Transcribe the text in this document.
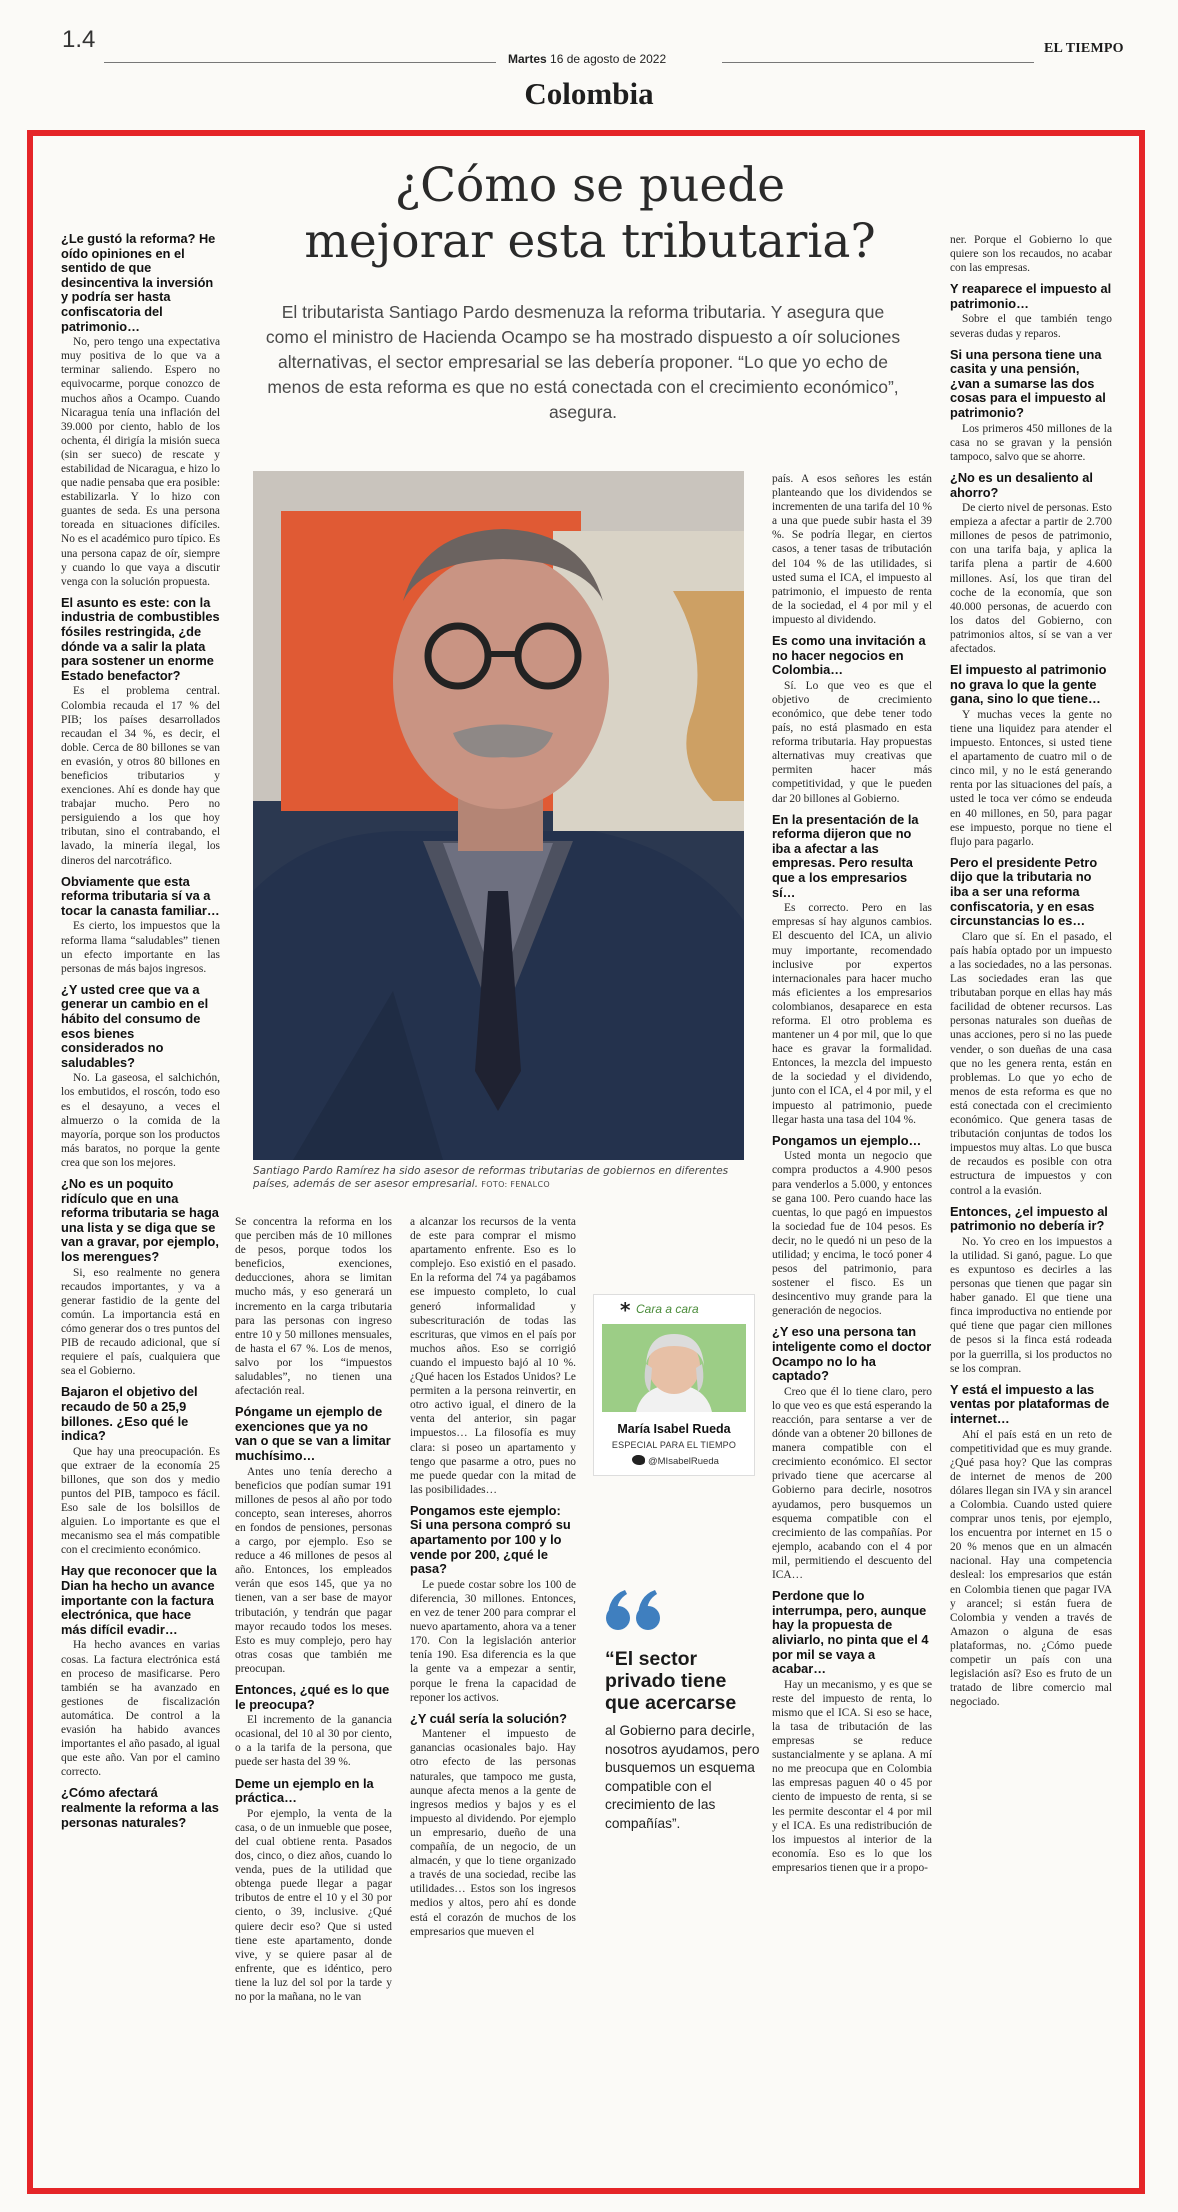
1.4
Martes 16 de agosto de 2022
EL TIEMPO
Colombia
¿Cómo se puede
mejorar esta tributaria?
El tributarista Santiago Pardo desmenuza la reforma tributaria. Y asegura que como el ministro de Hacienda Ocampo se ha mostrado dispuesto a oír soluciones alternativas, el sector empresarial se las debería proponer. “Lo que yo echo de menos de esta reforma es que no está conectada con el crecimiento económico”, asegura.
¿Le gustó la reforma? He oído opiniones en el sentido de que desincentiva la inversión y podría ser hasta confiscatoria del patrimonio…

No, pero tengo una expectativa muy positiva de lo que va a terminar saliendo. Espero no equivocarme, porque conozco de muchos años a Ocampo. Cuando Nicaragua tenía una inflación del 39.000 por ciento, hablo de los ochenta, él dirigía la misión sueca (sin ser sueco) de rescate y estabilidad de Nicaragua, e hizo lo que nadie pensaba que era posible: estabilizarla. Y lo hizo con guantes de seda. Es una persona toreada en situaciones difíciles. No es el académico puro típico. Es una persona capaz de oír, siempre y cuando lo que vaya a discutir venga con la solución propuesta.

El asunto es este: con la industria de combustibles fósiles restringida, ¿de dónde va a salir la plata para sostener un enorme Estado benefactor?

Es el problema central. Colombia recauda el 17 % del PIB; los países desarrollados recaudan el 34 %, es decir, el doble. Cerca de 80 billones se van en evasión, y otros 80 billones en beneficios tributarios y exenciones. Ahí es donde hay que trabajar mucho. Pero no persiguiendo a los que hoy tributan, sino el contrabando, el lavado, la minería ilegal, los dineros del narcotráfico.

Obviamente que esta reforma tributaria sí va a tocar la canasta familiar…

Es cierto, los impuestos que la reforma llama “saludables” tienen un efecto importante en las personas de más bajos ingresos.

¿Y usted cree que va a generar un cambio en el hábito del consumo de esos bienes considerados no saludables?

No. La gaseosa, el salchichón, los embutidos, el roscón, todo eso es el desayuno, a veces el almuerzo o la comida de la mayoría, porque son los productos más baratos, no porque la gente crea que son los mejores.

¿No es un poquito ridículo que en una reforma tributaria se haga una lista y se diga que se van a gravar, por ejemplo, los merengues?

Si, eso realmente no genera recaudos importantes, y va a generar fastidio de la gente del común. La importancia está en cómo generar dos o tres puntos del PIB de recaudo adicional, que sí requiere el país, cualquiera que sea el Gobierno.

Bajaron el objetivo del recaudo de 50 a 25,9 billones. ¿Eso qué le indica?

Que hay una preocupación. Es que extraer de la economía 25 billones, que son dos y medio puntos del PIB, tampoco es fácil. Eso sale de los bolsillos de alguien. Lo importante es que el mecanismo sea el más compatible con el crecimiento económico.

Hay que reconocer que la Dian ha hecho un avance importante con la factura electrónica, que hace más difícil evadir…

Ha hecho avances en varias cosas. La factura electrónica está en proceso de masificarse. Pero también se ha avanzado en gestiones de fiscalización automática. De control a la evasión ha habido avances importantes el año pasado, al igual que este año. Van por el camino correcto.

¿Cómo afectará realmente la reforma a las personas naturales?

Se concentra la reforma en los que perciben más de 10 millones de pesos, porque todos los beneficios, exenciones, deducciones, ahora se limitan mucho más, y eso generará un incremento en la carga tributaria para las personas con ingreso entre 10 y 50 millones mensuales, de hasta el 67 %. Los de menos, salvo por los “impuestos saludables”, no tienen una afectación real.

Póngame un ejemplo de exenciones que ya no van o que se van a limitar muchísimo…

Antes uno tenía derecho a beneficios que podían sumar 191 millones de pesos al año por todo concepto, sean intereses, ahorros en fondos de pensiones, personas a cargo, por ejemplo. Eso se reduce a 46 millones de pesos al año. Entonces, los empleados verán que esos 145, que ya no tienen, van a ser base de mayor tributación, y tendrán que pagar mayor recaudo todos los meses. Esto es muy complejo, pero hay otras cosas que también me preocupan.

Entonces, ¿qué es lo que le preocupa?

El incremento de la ganancia ocasional, del 10 al 30 por ciento, o a la tarifa de la persona, que puede ser hasta del 39 %.

Deme un ejemplo en la práctica…

Por ejemplo, la venta de la casa, o de un inmueble que posee, del cual obtiene renta. Pasados dos, cinco, o diez años, cuando lo venda, pues de la utilidad que obtenga puede llegar a pagar tributos de entre el 10 y el 30 por ciento, o 39, inclusive. ¿Qué quiere decir eso? Que si usted tiene este apartamento, donde vive, y se quiere pasar al de enfrente, que es idéntico, pero tiene la luz del sol por la tarde y no por la mañana, no le van

a alcanzar los recursos de la venta de este para comprar el mismo apartamento enfrente. Eso es lo complejo. Eso existió en el pasado. En la reforma del 74 ya pagábamos ese impuesto completo, lo cual generó informalidad y subescrituración de todas las escrituras, que vimos en el país por muchos años. Eso se corrigió cuando el impuesto bajó al 10 %. ¿Qué hacen los Estados Unidos? Le permiten a la persona reinvertir, en otro activo igual, el dinero de la venta del anterior, sin pagar impuestos… La filosofía es muy clara: si poseo un apartamento y tengo que pasarme a otro, pues no me puede quedar con la mitad de las posibilidades…

Pongamos este ejemplo: Si una persona compró su apartamento por 100 y lo vende por 200, ¿qué le pasa?

Le puede costar sobre los 100 de diferencia, 30 millones. Entonces, en vez de tener 200 para comprar el nuevo apartamento, ahora va a tener 170. Con la legislación anterior tenía 190. Esa diferencia es la que la gente va a empezar a sentir, porque le frena la capacidad de reponer los activos.

¿Y cuál sería la solución?

Mantener el impuesto de ganancias ocasionales bajo. Hay otro efecto de las personas naturales, que tampoco me gusta, aunque afecta menos a la gente de ingresos medios y bajos y es el impuesto al dividendo. Por ejemplo un empresario, dueño de una compañía, de un negocio, de un almacén, y que lo tiene organizado a través de una sociedad, recibe las utilidades… Estos son los ingresos medios y altos, pero ahí es donde está el corazón de muchos de los empresarios que mueven el

país. A esos señores les están planteando que los dividendos se incrementen de una tarifa del 10 % a una que puede subir hasta el 39 %. Se podría llegar, en ciertos casos, a tener tasas de tributación del 104 % de las utilidades, si usted suma el ICA, el impuesto al patrimonio, el impuesto de renta de la sociedad, el 4 por mil y el impuesto al dividendo.

Es como una invitación a no hacer negocios en Colombia…

Sí. Lo que veo es que el objetivo de crecimiento económico, que debe tener todo país, no está plasmado en esta reforma tributaria. Hay propuestas alternativas muy creativas que permiten hacer más competitividad, y que le pueden dar 20 billones al Gobierno.

En la presentación de la reforma dijeron que no iba a afectar a las empresas. Pero resulta que a los empresarios sí…

Es correcto. Pero en las empresas sí hay algunos cambios. El descuento del ICA, un alivio muy importante, recomendado inclusive por expertos internacionales para hacer mucho más eficientes a los empresarios colombianos, desaparece en esta reforma. El otro problema es mantener un 4 por mil, que lo que hace es gravar la formalidad. Entonces, la mezcla del impuesto de la sociedad y el dividendo, junto con el ICA, el 4 por mil, y el impuesto al patrimonio, puede llegar hasta una tasa del 104 %.

Pongamos un ejemplo…

Usted monta un negocio que compra productos a 4.900 pesos para venderlos a 5.000, y entonces se gana 100. Pero cuando hace las cuentas, lo que pagó en impuestos la sociedad fue de 104 pesos. Es decir, no le quedó ni un peso de la utilidad; y encima, le tocó poner 4 pesos del patrimonio, para sostener el fisco. Es un desincentivo muy grande para la generación de negocios.

¿Y eso una persona tan inteligente como el doctor Ocampo no lo ha captado?

Creo que él lo tiene claro, pero lo que veo es que está esperando la reacción, para sentarse a ver de dónde van a obtener 20 billones de manera compatible con el crecimiento económico. El sector privado tiene que acercarse al Gobierno para decirle, nosotros ayudamos, pero busquemos un esquema compatible con el crecimiento de las compañías. Por ejemplo, acabando con el 4 por mil, permitiendo el descuento del ICA…

Perdone que lo interrumpa, pero, aunque hay la propuesta de aliviarlo, no pinta que el 4 por mil se vaya a acabar…

Hay un mecanismo, y es que se reste del impuesto de renta, lo mismo que el ICA. Si eso se hace, la tasa de tributación de las empresas se reduce sustancialmente y se aplana. A mí no me preocupa que en Colombia las empresas paguen 40 o 45 por ciento de impuesto de renta, si se les permite descontar el 4 por mil y el ICA. Es una redistribución de los impuestos al interior de la economía. Eso es lo que los empresarios tienen que ir a propo-

ner. Porque el Gobierno lo que quiere son los recaudos, no acabar con las empresas.

Y reaparece el impuesto al patrimonio…

Sobre el que también tengo severas dudas y reparos.

Si una persona tiene una casita y una pensión, ¿van a sumarse las dos cosas para el impuesto al patrimonio?

Los primeros 450 millones de la casa no se gravan y la pensión tampoco, salvo que se ahorre.

¿No es un desaliento al ahorro?

De cierto nivel de personas. Esto empieza a afectar a partir de 2.700 millones de pesos de patrimonio, con una tarifa baja, y aplica la tarifa plena a partir de 4.600 millones. Así, los que tiran del coche de la economía, que son 40.000 personas, de acuerdo con los datos del Gobierno, con patrimonios altos, sí se van a ver afectados.

El impuesto al patrimonio no grava lo que la gente gana, sino lo que tiene…

Y muchas veces la gente no tiene una liquidez para atender el impuesto. Entonces, si usted tiene el apartamento de cuatro mil o de cinco mil, y no le está generando renta por las situaciones del país, a usted le toca ver cómo se endeuda en 40 millones, en 50, para pagar ese impuesto, porque no tiene el flujo para pagarlo.

Pero el presidente Petro dijo que la tributaria no iba a ser una reforma confiscatoria, y en esas circunstancias lo es…

Claro que sí. En el pasado, el país había optado por un impuesto a las sociedades, no a las personas. Las sociedades eran las que tributaban porque en ellas hay más facilidad de obtener recursos. Las personas naturales son dueñas de unas acciones, pero si no las puede vender, o son dueñas de una casa que no les genera renta, están en problemas. Lo que yo echo de menos de esta reforma es que no está conectada con el crecimiento económico. Que genera tasas de tributación conjuntas de todos los impuestos muy altas. Lo que busca de recaudos es posible con otra estructura de impuestos y con control a la evasión.

Entonces, ¿el impuesto al patrimonio no debería ir?

No. Yo creo en los impuestos a la utilidad. Si ganó, pague. Lo que es expuntoso es decirles a las personas que tienen que pagar sin haber ganado. El que tiene una finca improductiva no entiende por qué tiene que pagar cien millones de pesos si la finca está rodeada por la guerrilla, si los productos no se los compran.

Y está el impuesto a las ventas por plataformas de internet…

Ahí el país está en un reto de competitividad que es muy grande. ¿Qué pasa hoy? Que las compras de internet de menos de 200 dólares llegan sin IVA y sin arancel a Colombia. Cuando usted quiere comprar unos tenis, por ejemplo, los encuentra por internet en 15 o 20 % menos que en un almacén nacional. Hay una competencia desleal: los empresarios que están en Colombia tienen que pagar IVA y arancel; si están fuera de Colombia y venden a través de Amazon o alguna de esas plataformas, no. ¿Cómo puede competir un país con una legislación así? Eso es fruto de un tratado de libre comercio mal negociado.

Santiago Pardo Ramírez ha sido asesor de reformas tributarias de gobiernos en diferentes países, además de ser asesor empresarial. FOTO: FENALCO
* Cara a cara
María Isabel Rueda
ESPECIAL PARA EL TIEMPO
@MIsabelRueda
“El sector privado tiene que acercarse
al Gobierno para decirle, nosotros ayudamos, pero busquemos un esquema compatible con el crecimiento de las compañías”.
